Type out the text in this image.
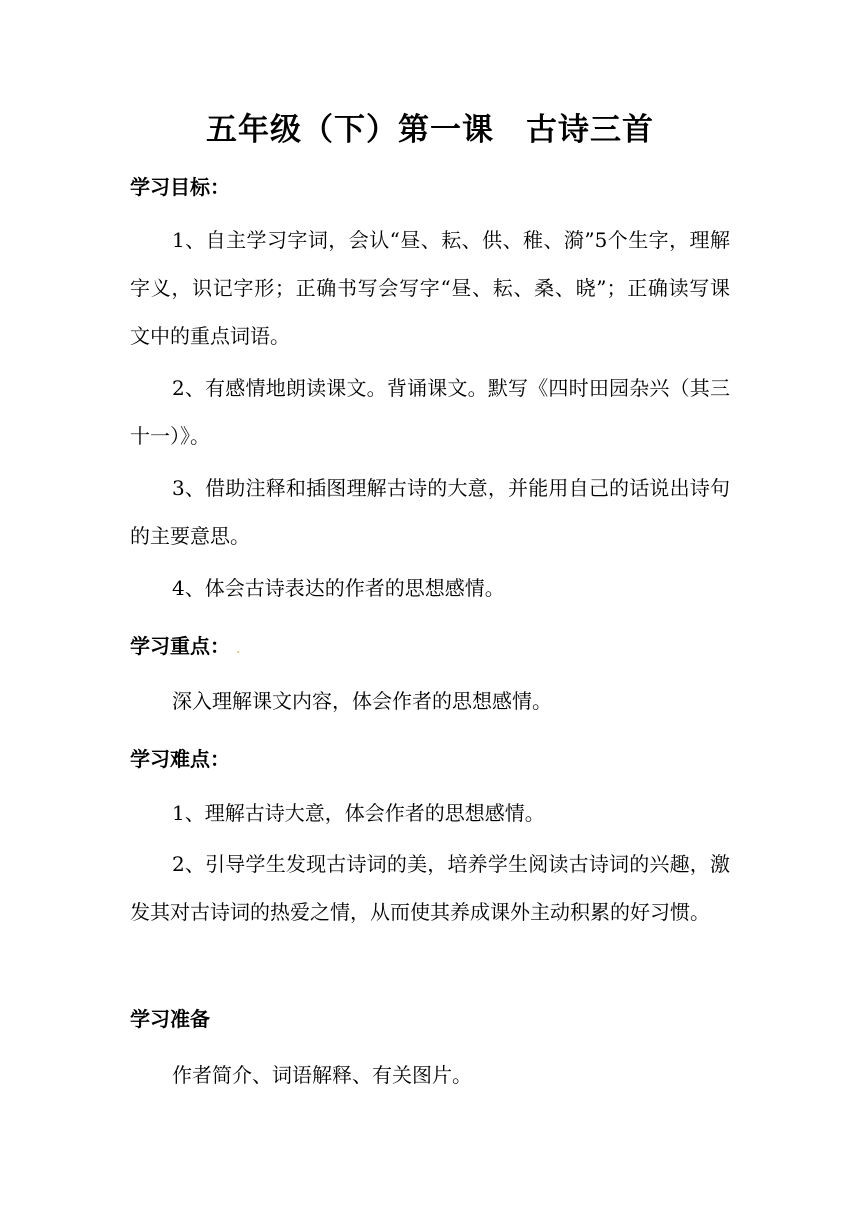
五年级（下）第一课　古诗三首
学习目标：
1、自主学习字词，会认“昼、耘、供、稚、漪”5个生字，理解字义，识记字形；正确书写会写字“昼、耘、桑、晓”；正确读写课文中的重点词语。
2、有感情地朗读课文。背诵课文。默写《四时田园杂兴（其三十一）》。
3、借助注释和插图理解古诗的大意，并能用自己的话说出诗句的主要意思。
4、体会古诗表达的作者的思想感情。
学习重点： .
深入理解课文内容，体会作者的思想感情。
学习难点：
1、理解古诗大意，体会作者的思想感情。
2、引导学生发现古诗词的美，培养学生阅读古诗词的兴趣，激发其对古诗词的热爱之情，从而使其养成课外主动积累的好习惯。
学习准备
作者简介、词语解释、有关图片。
